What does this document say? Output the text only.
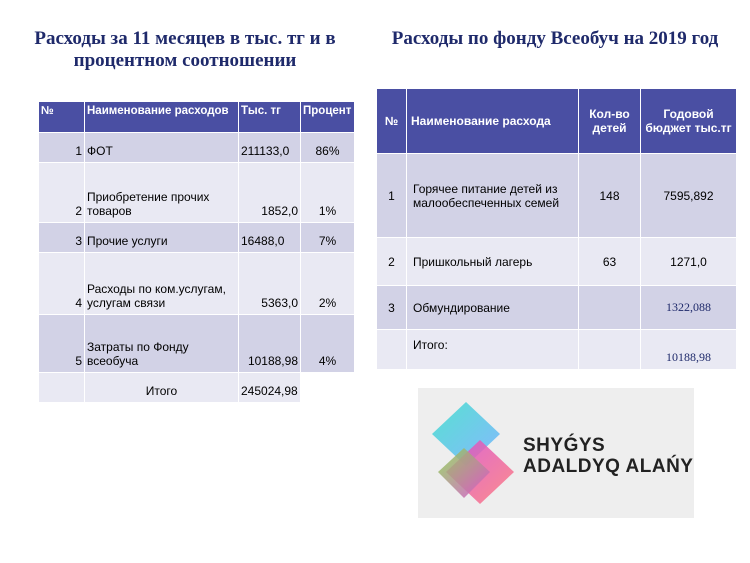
Расходы за 11 месяцев в тыс. тг и в процентном соотношении
Расходы по фонду Всеобуч на 2019 год
№	Наименование расходов	Тыс. тг	Процент
1	ФОТ	211133,0	86%
2	Приобретение прочих товаров	1852,0	1%
3	Прочие услуги	16488,0	7%
4	Расходы по ком.услугам, услугам связи	5363,0	2%
5	Затраты по Фонду всеобуча	10188,98	4%
	Итого	245024,98	
№	Наименование расхода	Кол-во детей	Годовой бюджет тыс.тг
1	Горячее питание детей из малообеспеченных семей	148	7595,892
2	Пришкольный лагерь	63	1271,0
3	Обмундирование		1322,088
	Итого:		10188,98
SHYǴYS
ADALDYQ ALAŃY
